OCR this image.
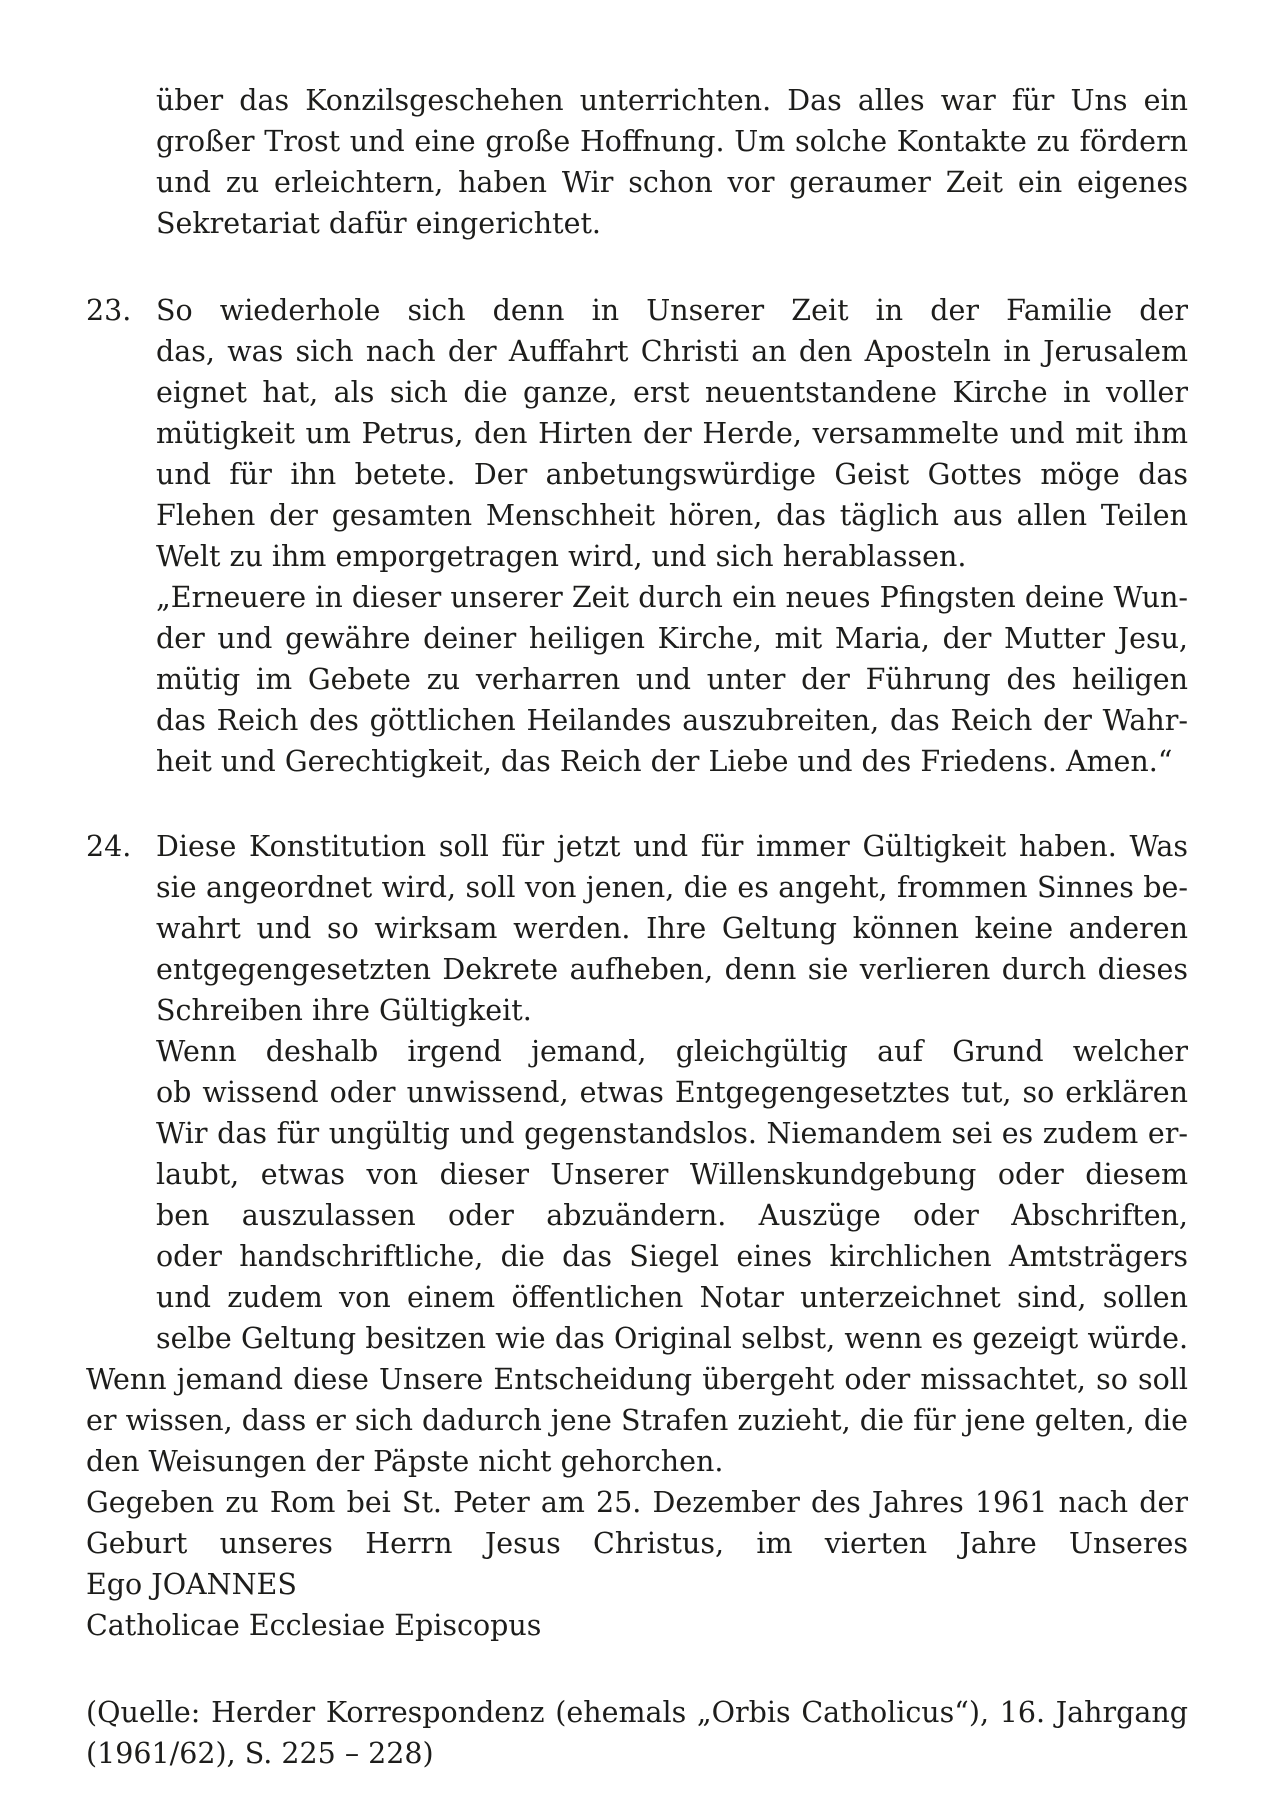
über das Konzilsgeschehen unterrichten. Das alles war für Uns ein
großer Trost und eine große Hoffnung. Um solche Kontakte zu fördern
und zu erleichtern, haben Wir schon vor geraumer Zeit ein eigenes
Sekretariat dafür eingerichtet.
23. So wiederhole sich denn in Unserer Zeit in der Familie der
das, was sich nach der Auffahrt Christi an den Aposteln in Jerusalem
eignet hat, als sich die ganze, erst neuentstandene Kirche in voller
mütigkeit um Petrus, den Hirten der Herde, versammelte und mit ihm
und für ihn betete. Der anbetungswürdige Geist Gottes möge das
Flehen der gesamten Menschheit hören, das täglich aus allen Teilen
Welt zu ihm emporgetragen wird, und sich herablassen.
„Erneuere in dieser unserer Zeit durch ein neues Pfingsten deine Wun-
der und gewähre deiner heiligen Kirche, mit Maria, der Mutter Jesu,
mütig im Gebete zu verharren und unter der Führung des heiligen
das Reich des göttlichen Heilandes auszubreiten, das Reich der Wahr-
heit und Gerechtigkeit, das Reich der Liebe und des Friedens. Amen.“
24. Diese Konstitution soll für jetzt und für immer Gültigkeit haben. Was
sie angeordnet wird, soll von jenen, die es angeht, frommen Sinnes be-
wahrt und so wirksam werden. Ihre Geltung können keine anderen
entgegengesetzten Dekrete aufheben, denn sie verlieren durch dieses
Schreiben ihre Gültigkeit.
Wenn deshalb irgend jemand, gleichgültig auf Grund welcher
ob wissend oder unwissend, etwas Entgegengesetztes tut, so erklären
Wir das für ungültig und gegenstandslos. Niemandem sei es zudem er-
laubt, etwas von dieser Unserer Willenskundgebung oder diesem
ben auszulassen oder abzuändern. Auszüge oder Abschriften,
oder handschriftliche, die das Siegel eines kirchlichen Amtsträgers
und zudem von einem öffentlichen Notar unterzeichnet sind, sollen
selbe Geltung besitzen wie das Original selbst, wenn es gezeigt würde.
Wenn jemand diese Unsere Entscheidung übergeht oder missachtet, so soll
er wissen, dass er sich dadurch jene Strafen zuzieht, die für jene gelten, die
den Weisungen der Päpste nicht gehorchen.
Gegeben zu Rom bei St. Peter am 25. Dezember des Jahres 1961 nach der
Geburt unseres Herrn Jesus Christus, im vierten Jahre Unseres
Ego JOANNES
Catholicae Ecclesiae Episcopus
(Quelle: Herder Korrespondenz (ehemals „Orbis Catholicus“), 16. Jahrgang
(1961/62), S. 225 – 228)
